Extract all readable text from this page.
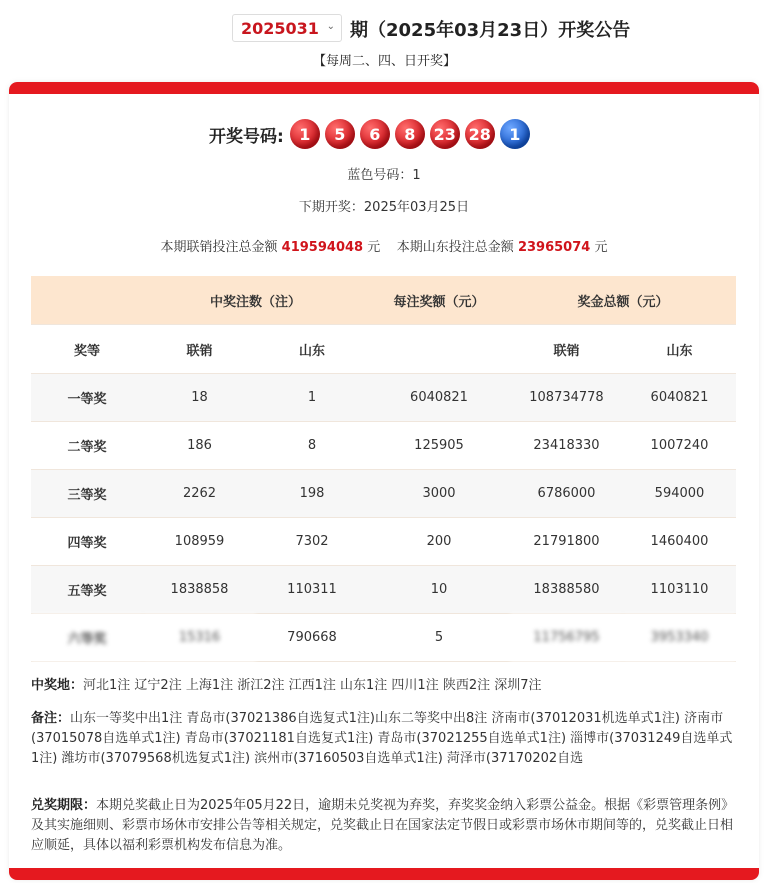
2025031 ⌄ 期（2025年03月23日）开奖公告
【每周二、四、日开奖】
开奖号码: 1	5	6	8	23 28	1
蓝色号码：1
下期开奖：2025年03月25日
本期联销投注总金额 419594048 元 本期山东投注总金额 23965074 元
	中奖注数（注）		每注奖额（元）	奖金总额（元）	
奖等	联销	山东		联销	山东
一等奖	18	1	6040821	108734778	6040821
二等奖	186	8	125905	23418330	1007240
三等奖	2262	198	3000	6786000	594000
四等奖	108959	7302	200	21791800	1460400
五等奖	1838858	110311	10	18388580	1103110
六等奖	15316	790668	5	11756795	3953340
中奖地：河北1注 辽宁2注 上海1注 浙江2注 江西1注 山东1注 四川1注 陕西2注 深圳7注
备注：山东一等奖中出1注 青岛市(37021386自选复式1注)山东二等奖中出8注 济南市(37012031机选单式1注) 济南市(37015078自选单式1注) 青岛市(37021181自选复式1注) 青岛市(37021255自选单式1注) 淄博市(37031249自选单式1注) 潍坊市(37079568机选复式1注) 滨州市(37160503自选单式1注) 菏泽市(37170202自选
兑奖期限：本期兑奖截止日为2025年05月22日，逾期未兑奖视为弃奖，弃奖奖金纳入彩票公益金。根据《彩票管理条例》及其实施细则、彩票市场休市安排公告等相关规定，兑奖截止日在国家法定节假日或彩票市场休市期间等的，兑奖截止日相应顺延，具体以福利彩票机构发布信息为准。
